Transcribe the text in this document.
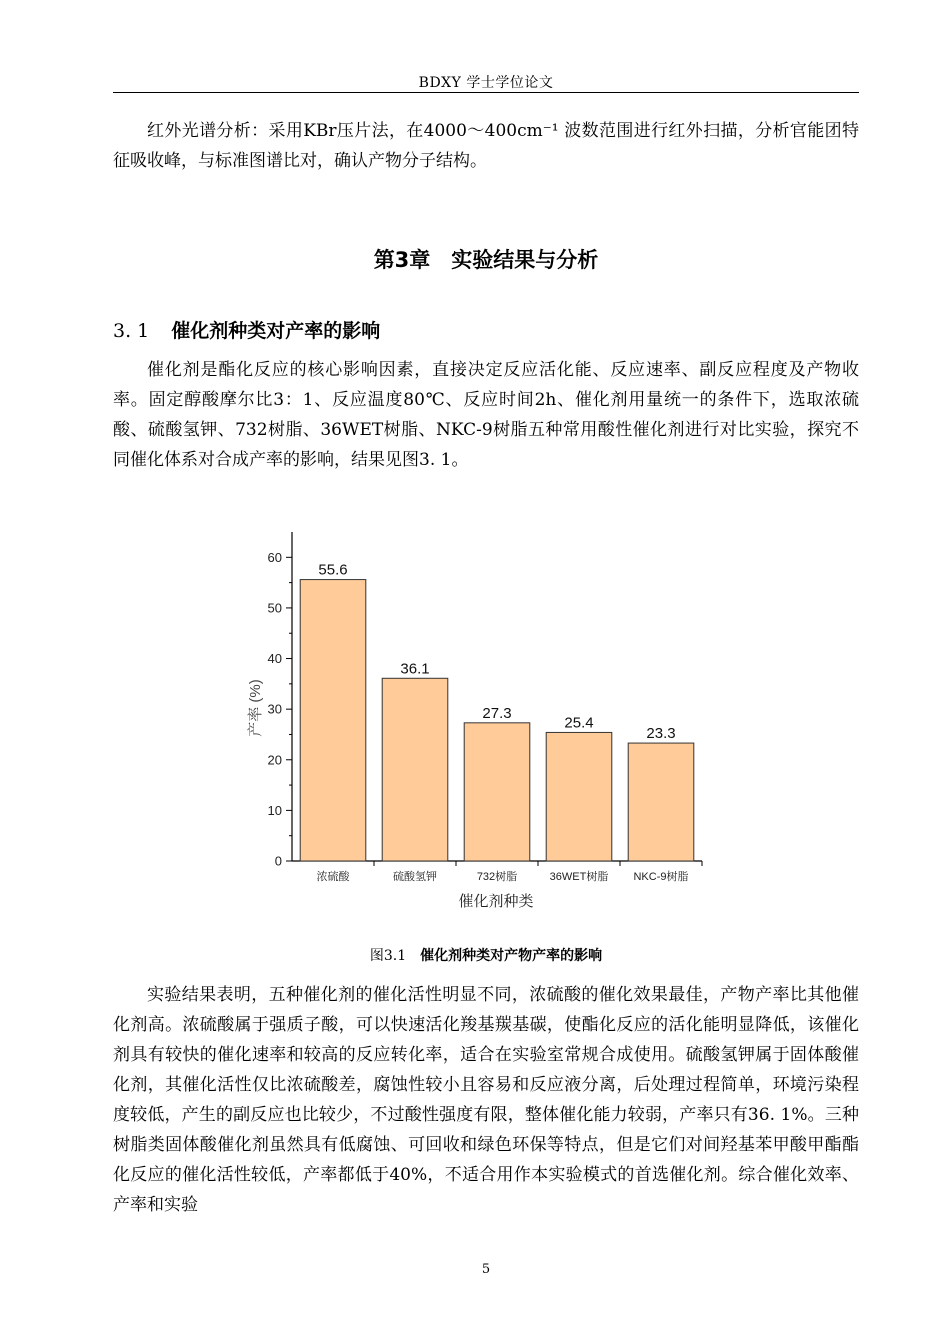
BDXY 学士学位论文

红外光谱分析：采用KBr压片法，在4000～400cm⁻¹ 波数范围进行红外扫描，分析官能团特征吸收峰，与标准图谱比对，确认产物分子结构。

第3章　实验结果与分析
3. 1 催化剂种类对产率的影响

催化剂是酯化反应的核心影响因素，直接决定反应活化能、反应速率、副反应程度及产物收率。固定醇酸摩尔比3：1、反应温度80℃、反应时间2h、催化剂用量统一的条件下，选取浓硫酸、硫酸氢钾、732树脂、36WET树脂、NKC-9树脂五种常用酸性催化剂进行对比实验，探究不同催化体系对合成产率的影响，结果见图3. 1。

0
10
20
30
40
50
60
浓硫酸	硫酸氢钾	732树脂	36WET树脂 NKC-9树脂
55.6
36.1
27.3
25.4
23.3
产率 (%)
催化剂种类
图3.1 催化剂种类对产物产率的影响

实验结果表明，五种催化剂的催化活性明显不同，浓硫酸的催化效果最佳，产物产率比其他催化剂高。浓硫酸属于强质子酸，可以快速活化羧基羰基碳，使酯化反应的活化能明显降低，该催化剂具有较快的催化速率和较高的反应转化率，适合在实验室常规合成使用。硫酸氢钾属于固体酸催化剂，其催化活性仅比浓硫酸差，腐蚀性较小且容易和反应液分离，后处理过程简单，环境污染程度较低，产生的副反应也比较少，不过酸性强度有限，整体催化能力较弱，产率只有36. 1%。三种树脂类固体酸催化剂虽然具有低腐蚀、可回收和绿色环保等特点，但是它们对间羟基苯甲酸甲酯酯化反应的催化活性较低，产率都低于40%，不适合用作本实验模式的首选催化剂。综合催化效率、产率和实验

5
